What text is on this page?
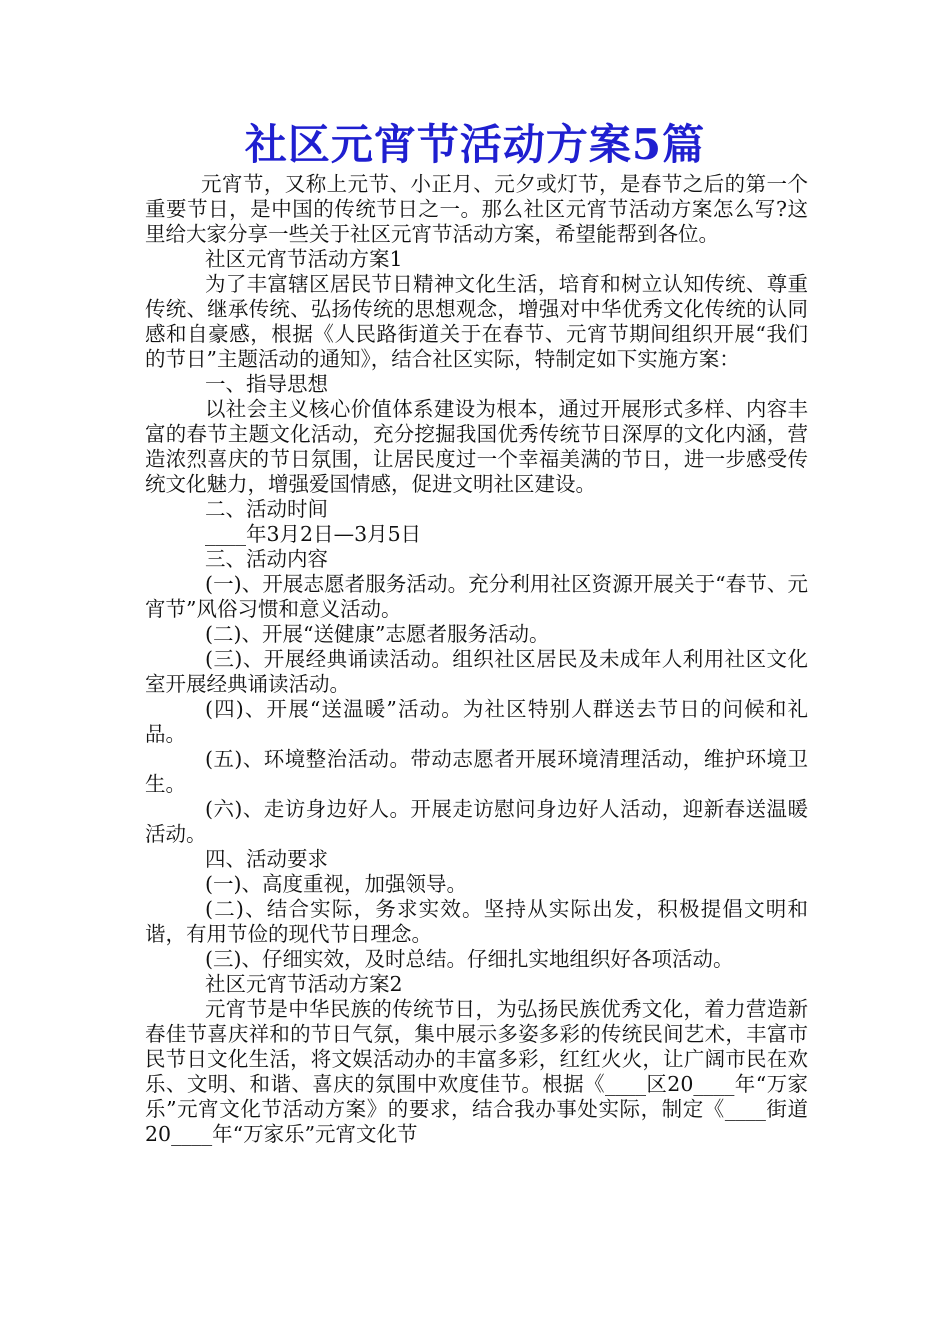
社区元宵节活动方案5篇

元宵节，又称上元节、小正月、元夕或灯节，是春节之后的第一个重要节日，是中国的传统节日之一。那么社区元宵节活动方案怎么写?这里给大家分享一些关于社区元宵节活动方案，希望能帮到各位。

社区元宵节活动方案1

为了丰富辖区居民节日精神文化生活，培育和树立认知传统、尊重传统、继承传统、弘扬传统的思想观念，增强对中华优秀文化传统的认同感和自豪感，根据《人民路街道关于在春节、元宵节期间组织开展“我们的节日”主题活动的通知》，结合社区实际，特制定如下实施方案：

一、指导思想

以社会主义核心价值体系建设为根本，通过开展形式多样、内容丰富的春节主题文化活动，充分挖掘我国优秀传统节日深厚的文化内涵，营造浓烈喜庆的节日氛围，让居民度过一个幸福美满的节日，进一步感受传统文化魅力，增强爱国情感，促进文明社区建设。

二、活动时间

____年3月2日—3月5日

三、活动内容

(一)、开展志愿者服务活动。充分利用社区资源开展关于“春节、元宵节”风俗习惯和意义活动。

(二)、开展“送健康”志愿者服务活动。

(三)、开展经典诵读活动。组织社区居民及未成年人利用社区文化室开展经典诵读活动。

(四)、开展“送温暖”活动。为社区特别人群送去节日的问候和礼品。

(五)、环境整治活动。带动志愿者开展环境清理活动，维护环境卫生。

(六)、走访身边好人。开展走访慰问身边好人活动，迎新春送温暖活动。

四、活动要求

(一)、高度重视，加强领导。

(二)、结合实际，务求实效。坚持从实际出发，积极提倡文明和谐，有用节俭的现代节日理念。

(三)、仔细实效，及时总结。仔细扎实地组织好各项活动。

社区元宵节活动方案2

元宵节是中华民族的传统节日，为弘扬民族优秀文化，着力营造新春佳节喜庆祥和的节日气氛，集中展示多姿多彩的传统民间艺术，丰富市民节日文化生活，将文娱活动办的丰富多彩，红红火火，让广阔市民在欢乐、文明、和谐、喜庆的氛围中欢度佳节。根据《____区20____年“万家乐”元宵文化节活动方案》的要求，结合我办事处实际，制定《____街道20____年“万家乐”元宵文化节
